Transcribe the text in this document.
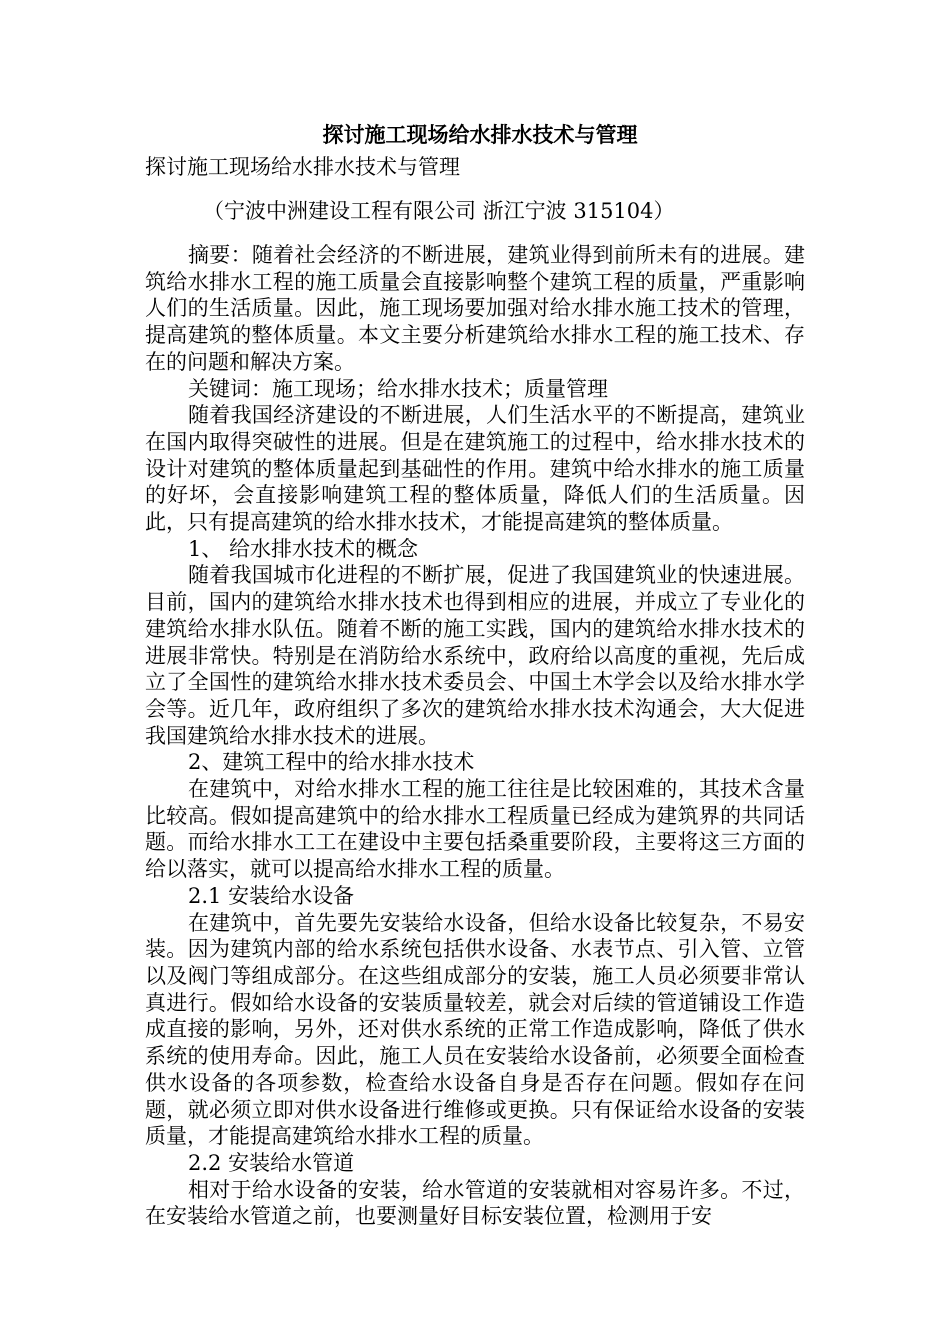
探讨施工现场给水排水技术与管理

探讨施工现场给水排水技术与管理

（宁波中洲建设工程有限公司 浙江宁波 315104）

摘要：随着社会经济的不断进展，建筑业得到前所未有的进展。建筑给水排水工程的施工质量会直接影响整个建筑工程的质量，严重影响人们的生活质量。因此，施工现场要加强对给水排水施工技术的管理，提高建筑的整体质量。本文主要分析建筑给水排水工程的施工技术、存在的问题和解决方案。

关键词：施工现场；给水排水技术；质量管理

随着我国经济建设的不断进展，人们生活水平的不断提高，建筑业在国内取得突破性的进展。但是在建筑施工的过程中，给水排水技术的设计对建筑的整体质量起到基础性的作用。建筑中给水排水的施工质量的好坏，会直接影响建筑工程的整体质量，降低人们的生活质量。因此，只有提高建筑的给水排水技术，才能提高建筑的整体质量。

1、 给水排水技术的概念

随着我国城市化进程的不断扩展，促进了我国建筑业的快速进展。目前，国内的建筑给水排水技术也得到相应的进展，并成立了专业化的建筑给水排水队伍。随着不断的施工实践，国内的建筑给水排水技术的进展非常快。特别是在消防给水系统中，政府给以高度的重视，先后成立了全国性的建筑给水排水技术委员会、中国土木学会以及给水排水学会等。近几年，政府组织了多次的建筑给水排水技术沟通会，大大促进我国建筑给水排水技术的进展。

2、建筑工程中的给水排水技术

在建筑中，对给水排水工程的施工往往是比较困难的，其技术含量比较高。假如提高建筑中的给水排水工程质量已经成为建筑界的共同话题。而给水排水工工在建设中主要包括桑重要阶段，主要将这三方面的给以落实，就可以提高给水排水工程的质量。

2.1 安装给水设备

在建筑中，首先要先安装给水设备，但给水设备比较复杂，不易安装。因为建筑内部的给水系统包括供水设备、水表节点、引入管、立管以及阀门等组成部分。在这些组成部分的安装，施工人员必须要非常认真进行。假如给水设备的安装质量较差，就会对后续的管道铺设工作造成直接的影响，另外，还对供水系统的正常工作造成影响，降低了供水系统的使用寿命。因此，施工人员在安装给水设备前，必须要全面检查供水设备的各项参数，检查给水设备自身是否存在问题。假如存在问题，就必须立即对供水设备进行维修或更换。只有保证给水设备的安装质量，才能提高建筑给水排水工程的质量。

2.2 安装给水管道

相对于给水设备的安装，给水管道的安装就相对容易许多。不过，在安装给水管道之前，也要测量好目标安装位置，检测用于安
